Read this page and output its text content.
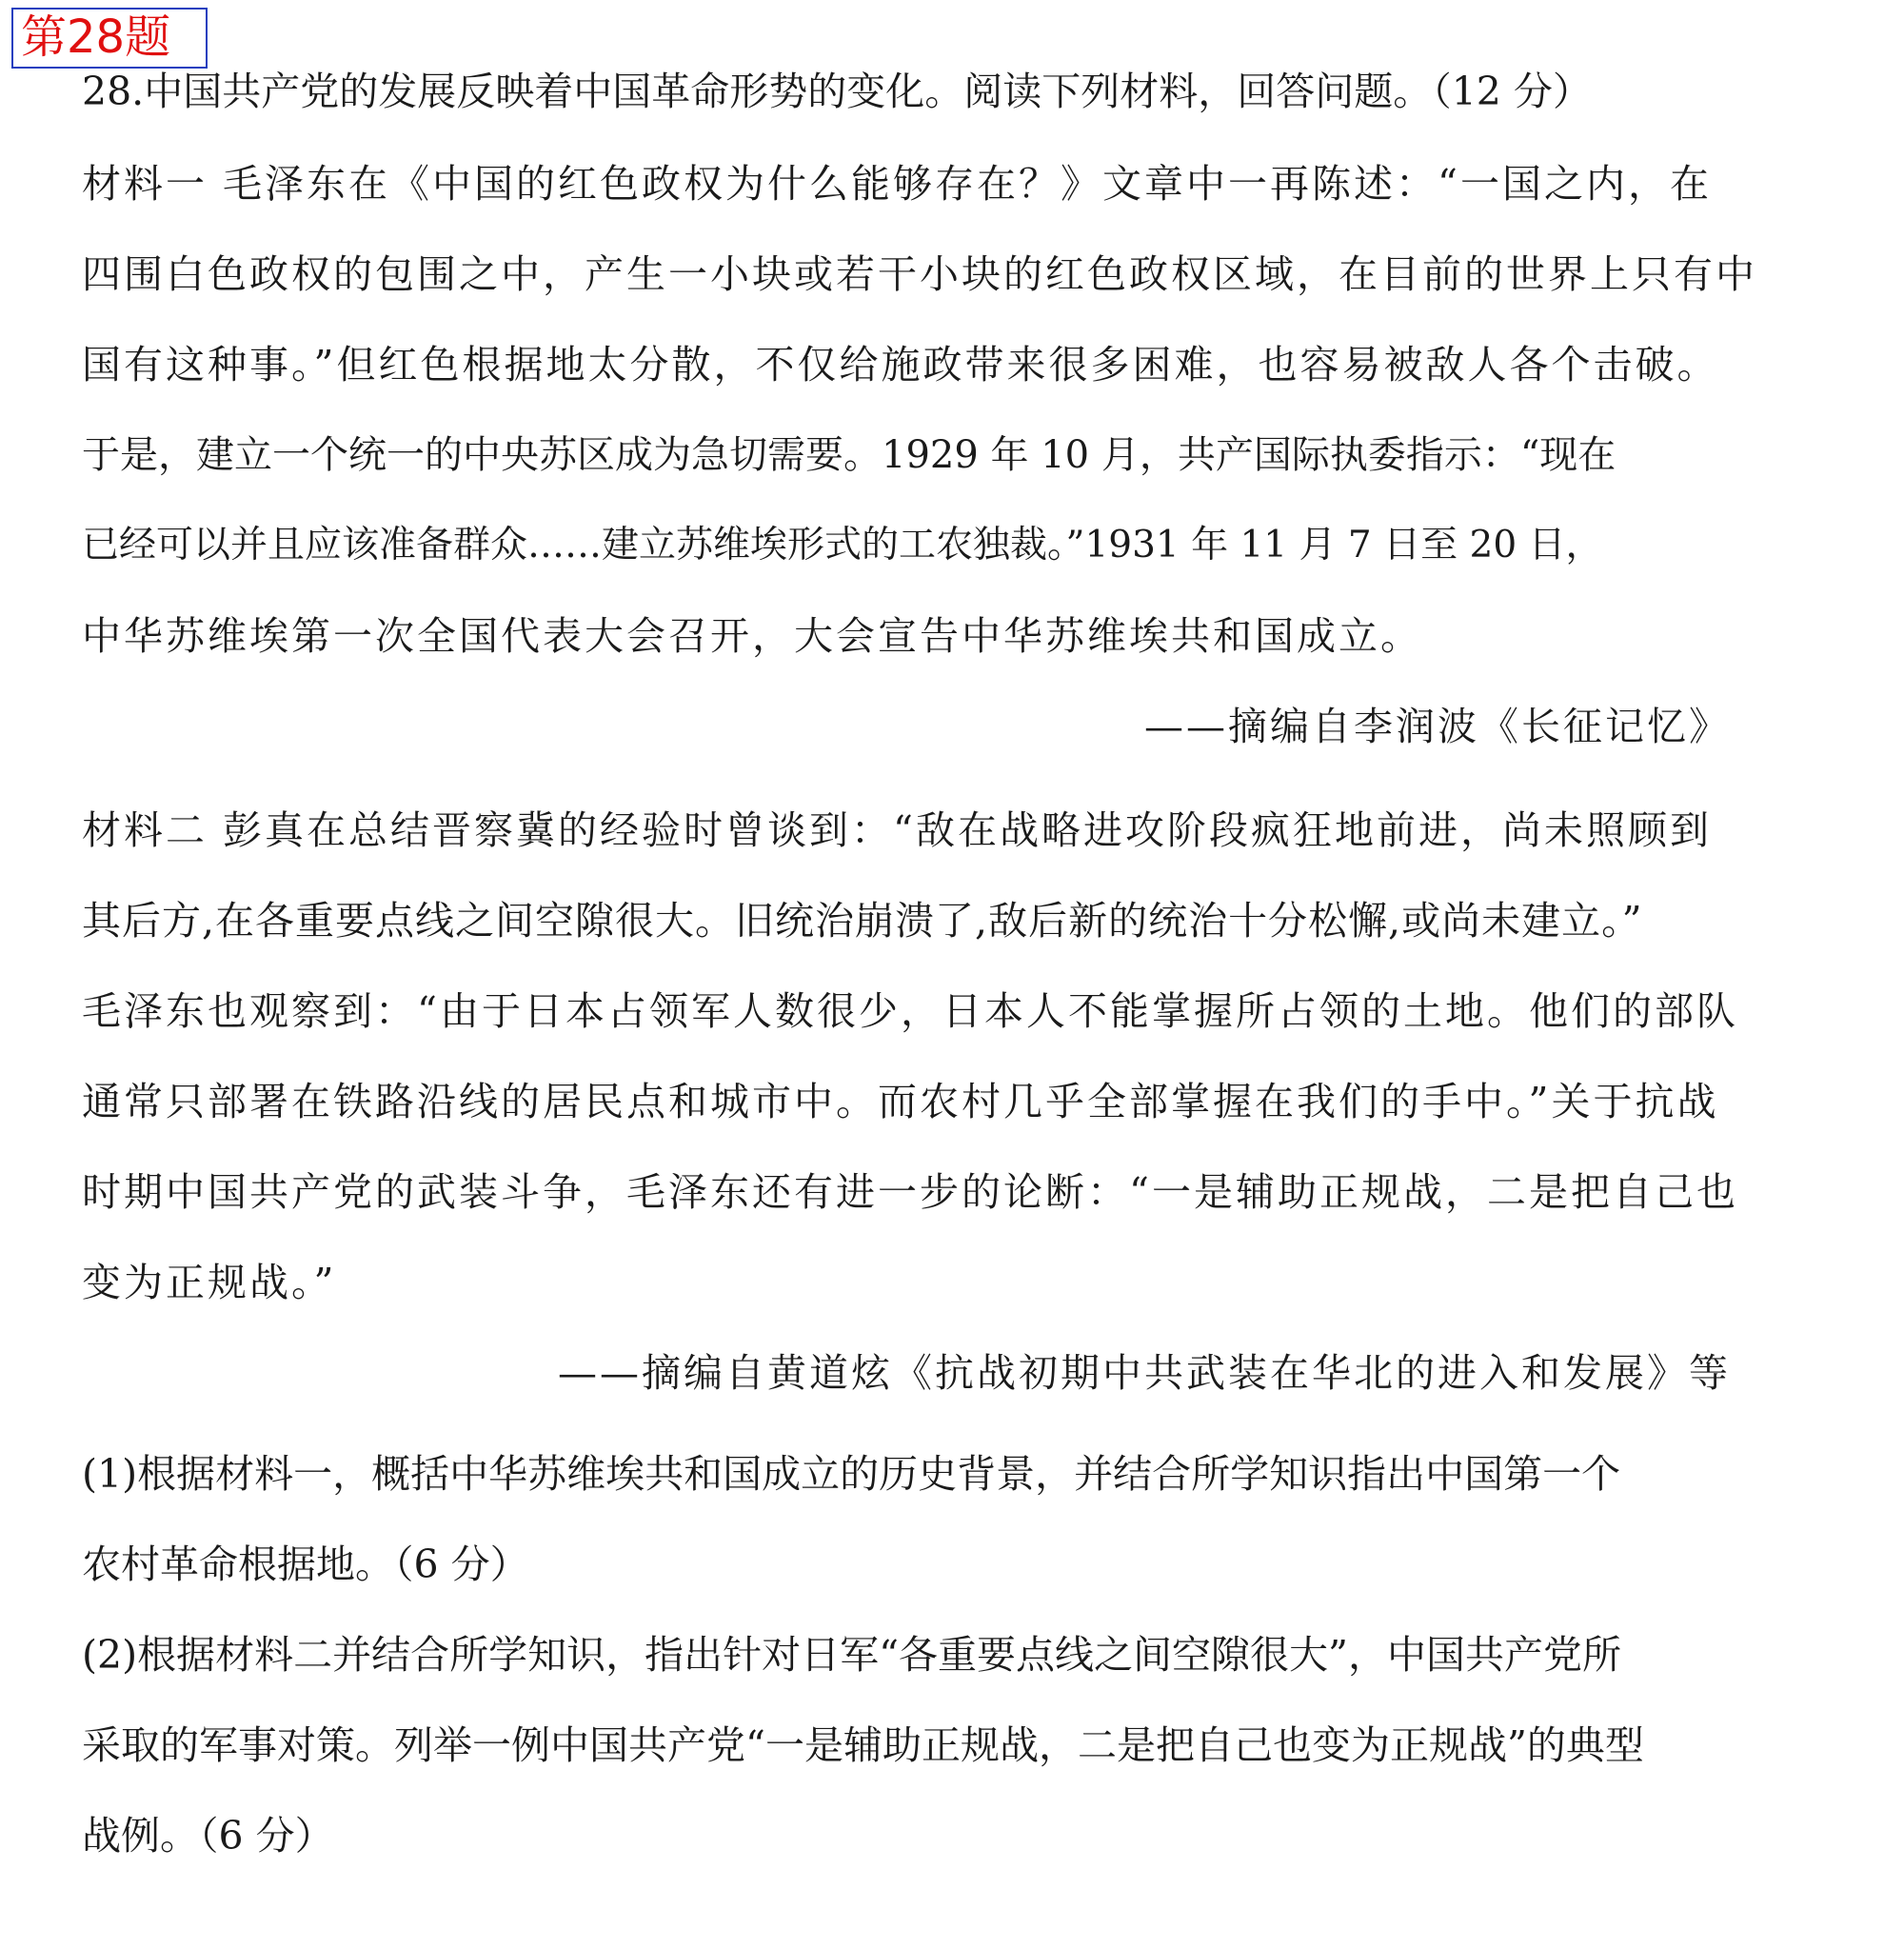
第28题
28.中国共产党的发展反映着中国革命形势的变化。阅读下列材料，回答问题。（12 分）
材料一 毛泽东在《中国的红色政权为什么能够存在？》文章中一再陈述：“一国之内，在
四围白色政权的包围之中，产生一小块或若干小块的红色政权区域，在目前的世界上只有中
国有这种事。”但红色根据地太分散，不仅给施政带来很多困难，也容易被敌人各个击破。
于是，建立一个统一的中央苏区成为急切需要。1929 年 10 月，共产国际执委指示：“现在
已经可以并且应该准备群众……建立苏维埃形式的工农独裁。”1931 年 11 月 7 日至 20 日，
中华苏维埃第一次全国代表大会召开，大会宣告中华苏维埃共和国成立。
——摘编自李润波《长征记忆》
材料二 彭真在总结晋察冀的经验时曾谈到：“敌在战略进攻阶段疯狂地前进，尚未照顾到
其后方,在各重要点线之间空隙很大。旧统治崩溃了,敌后新的统治十分松懈,或尚未建立。”
毛泽东也观察到：“由于日本占领军人数很少，日本人不能掌握所占领的土地。他们的部队
通常只部署在铁路沿线的居民点和城市中。而农村几乎全部掌握在我们的手中。”关于抗战
时期中国共产党的武装斗争，毛泽东还有进一步的论断：“一是辅助正规战，二是把自己也
变为正规战。”
——摘编自黄道炫《抗战初期中共武装在华北的进入和发展》等
(1)根据材料一，概括中华苏维埃共和国成立的历史背景，并结合所学知识指出中国第一个
农村革命根据地。（6 分）
(2)根据材料二并结合所学知识，指出针对日军“各重要点线之间空隙很大”，中国共产党所
采取的军事对策。列举一例中国共产党“一是辅助正规战，二是把自己也变为正规战”的典型
战例。（6 分）
